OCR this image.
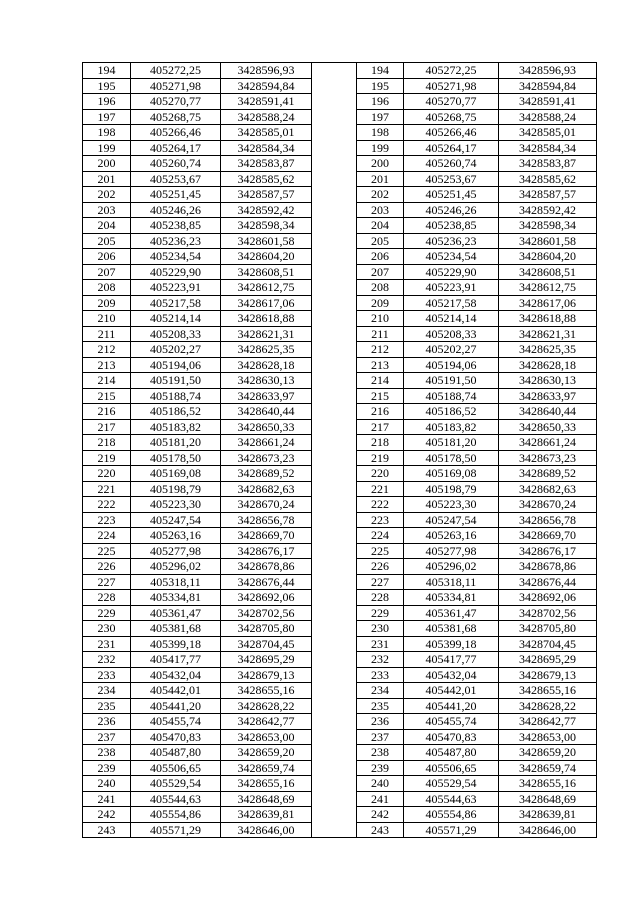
194	405272,25	3428596,93		194	405272,25	3428596,93
195	405271,98	3428594,84		195	405271,98	3428594,84
196	405270,77	3428591,41		196	405270,77	3428591,41
197	405268,75	3428588,24		197	405268,75	3428588,24
198	405266,46	3428585,01		198	405266,46	3428585,01
199	405264,17	3428584,34		199	405264,17	3428584,34
200	405260,74	3428583,87		200	405260,74	3428583,87
201	405253,67	3428585,62		201	405253,67	3428585,62
202	405251,45	3428587,57		202	405251,45	3428587,57
203	405246,26	3428592,42		203	405246,26	3428592,42
204	405238,85	3428598,34		204	405238,85	3428598,34
205	405236,23	3428601,58		205	405236,23	3428601,58
206	405234,54	3428604,20		206	405234,54	3428604,20
207	405229,90	3428608,51		207	405229,90	3428608,51
208	405223,91	3428612,75		208	405223,91	3428612,75
209	405217,58	3428617,06		209	405217,58	3428617,06
210	405214,14	3428618,88		210	405214,14	3428618,88
211	405208,33	3428621,31		211	405208,33	3428621,31
212	405202,27	3428625,35		212	405202,27	3428625,35
213	405194,06	3428628,18		213	405194,06	3428628,18
214	405191,50	3428630,13		214	405191,50	3428630,13
215	405188,74	3428633,97		215	405188,74	3428633,97
216	405186,52	3428640,44		216	405186,52	3428640,44
217	405183,82	3428650,33		217	405183,82	3428650,33
218	405181,20	3428661,24		218	405181,20	3428661,24
219	405178,50	3428673,23		219	405178,50	3428673,23
220	405169,08	3428689,52		220	405169,08	3428689,52
221	405198,79	3428682,63		221	405198,79	3428682,63
222	405223,30	3428670,24		222	405223,30	3428670,24
223	405247,54	3428656,78		223	405247,54	3428656,78
224	405263,16	3428669,70		224	405263,16	3428669,70
225	405277,98	3428676,17		225	405277,98	3428676,17
226	405296,02	3428678,86		226	405296,02	3428678,86
227	405318,11	3428676,44		227	405318,11	3428676,44
228	405334,81	3428692,06		228	405334,81	3428692,06
229	405361,47	3428702,56		229	405361,47	3428702,56
230	405381,68	3428705,80		230	405381,68	3428705,80
231	405399,18	3428704,45		231	405399,18	3428704,45
232	405417,77	3428695,29		232	405417,77	3428695,29
233	405432,04	3428679,13		233	405432,04	3428679,13
234	405442,01	3428655,16		234	405442,01	3428655,16
235	405441,20	3428628,22		235	405441,20	3428628,22
236	405455,74	3428642,77		236	405455,74	3428642,77
237	405470,83	3428653,00		237	405470,83	3428653,00
238	405487,80	3428659,20		238	405487,80	3428659,20
239	405506,65	3428659,74		239	405506,65	3428659,74
240	405529,54	3428655,16		240	405529,54	3428655,16
241	405544,63	3428648,69		241	405544,63	3428648,69
242	405554,86	3428639,81		242	405554,86	3428639,81
243	405571,29	3428646,00		243	405571,29	3428646,00
